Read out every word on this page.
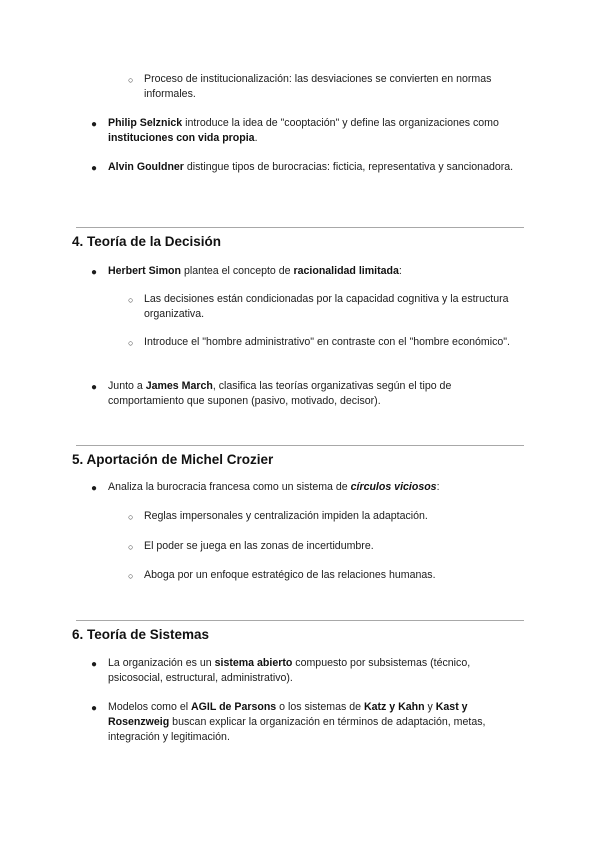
○ Proceso de institucionalización: las desviaciones se convierten en normas informales.
● Philip Selznick introduce la idea de "cooptación" y define las organizaciones como instituciones con vida propia.
● Alvin Gouldner distingue tipos de burocracias: ficticia, representativa y sancionadora.
4. Teoría de la Decisión
● Herbert Simon plantea el concepto de racionalidad limitada:
○ Las decisiones están condicionadas por la capacidad cognitiva y la estructura organizativa.
○ Introduce el "hombre administrativo" en contraste con el "hombre económico".
● Junto a James March, clasifica las teorías organizativas según el tipo de comportamiento que suponen (pasivo, motivado, decisor).
5. Aportación de Michel Crozier
● Analiza la burocracia francesa como un sistema de círculos viciosos:
○ Reglas impersonales y centralización impiden la adaptación.
○ El poder se juega en las zonas de incertidumbre.
○ Aboga por un enfoque estratégico de las relaciones humanas.
6. Teoría de Sistemas
● La organización es un sistema abierto compuesto por subsistemas (técnico, psicosocial, estructural, administrativo).
● Modelos como el AGIL de Parsons o los sistemas de Katz y Kahn y Kast y Rosenzweig buscan explicar la organización en términos de adaptación, metas, integración y legitimación.
